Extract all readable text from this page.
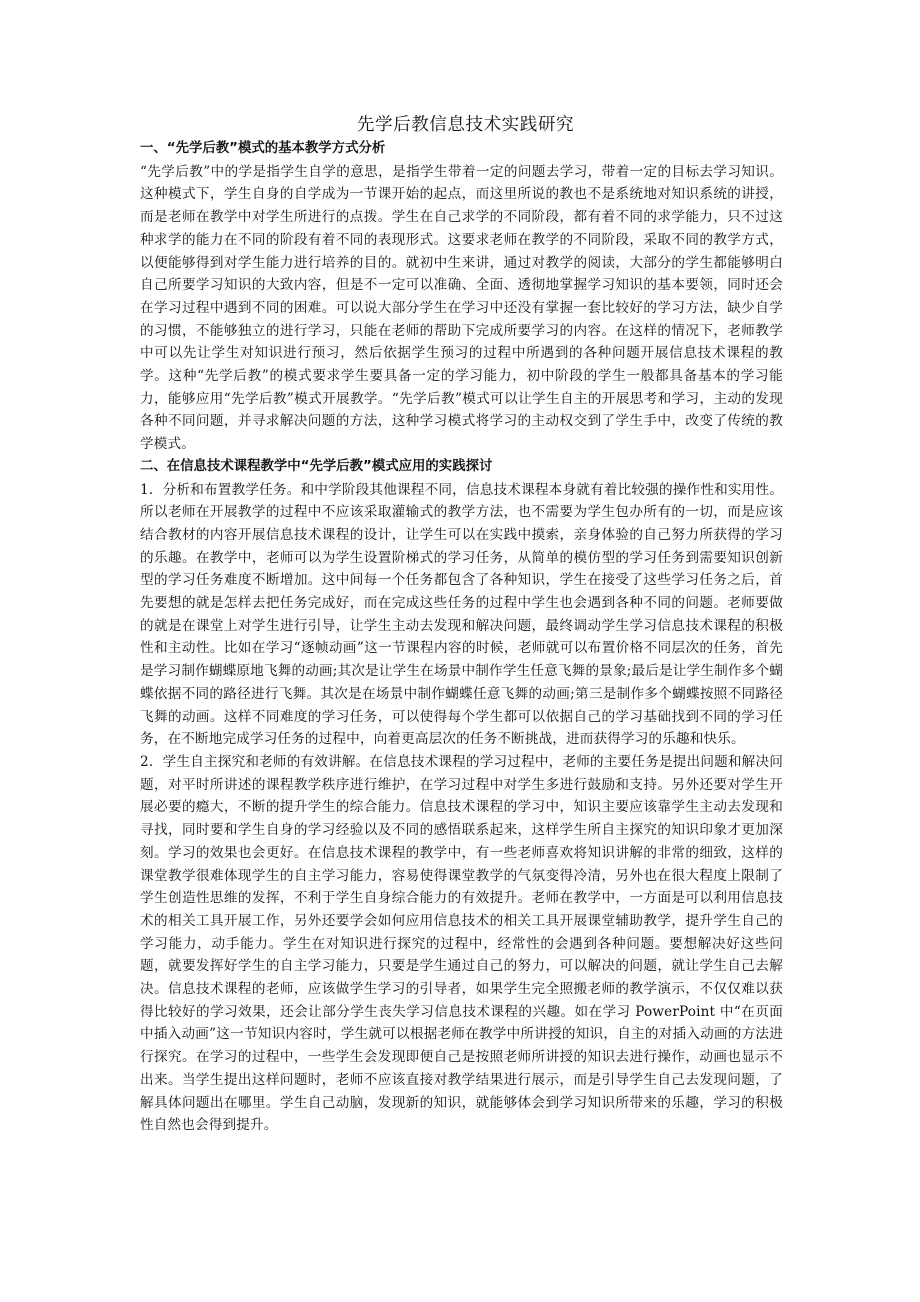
先学后教信息技术实践研究
一、“先学后教”模式的基本教学方式分析

“先学后教”中的学是指学生自学的意思，是指学生带着一定的问题去学习，带着一定的目标去学习知识。这种模式下，学生自身的自学成为一节课开始的起点，而这里所说的教也不是系统地对知识系统的讲授，而是老师在教学中对学生所进行的点拨。学生在自己求学的不同阶段，都有着不同的求学能力，只不过这种求学的能力在不同的阶段有着不同的表现形式。这要求老师在教学的不同阶段，采取不同的教学方式，以便能够得到对学生能力进行培养的目的。就初中生来讲，通过对教学的阅读，大部分的学生都能够明白自己所要学习知识的大致内容，但是不一定可以准确、全面、透彻地掌握学习知识的基本要领，同时还会在学习过程中遇到不同的困难。可以说大部分学生在学习中还没有掌握一套比较好的学习方法，缺少自学的习惯，不能够独立的进行学习，只能在老师的帮助下完成所要学习的内容。在这样的情况下，老师教学中可以先让学生对知识进行预习，然后依据学生预习的过程中所遇到的各种问题开展信息技术课程的教学。这种“先学后教”的模式要求学生要具备一定的学习能力，初中阶段的学生一般都具备基本的学习能力，能够应用“先学后教”模式开展教学。“先学后教”模式可以让学生自主的开展思考和学习，主动的发现各种不同问题，并寻求解决问题的方法，这种学习模式将学习的主动权交到了学生手中，改变了传统的教学模式。

二、在信息技术课程教学中“先学后教”模式应用的实践探讨

1．分析和布置教学任务。和中学阶段其他课程不同，信息技术课程本身就有着比较强的操作性和实用性。所以老师在开展教学的过程中不应该采取灌输式的教学方法，也不需要为学生包办所有的一切，而是应该结合教材的内容开展信息技术课程的设计，让学生可以在实践中摸索，亲身体验的自己努力所获得的学习的乐趣。在教学中，老师可以为学生设置阶梯式的学习任务，从简单的模仿型的学习任务到需要知识创新型的学习任务难度不断增加。这中间每一个任务都包含了各种知识，学生在接受了这些学习任务之后，首先要想的就是怎样去把任务完成好，而在完成这些任务的过程中学生也会遇到各种不同的问题。老师要做的就是在课堂上对学生进行引导，让学生主动去发现和解决问题，最终调动学生学习信息技术课程的积极性和主动性。比如在学习“逐帧动画”这一节课程内容的时候，老师就可以布置价格不同层次的任务，首先是学习制作蝴蝶原地飞舞的动画;其次是让学生在场景中制作学生任意飞舞的景象;最后是让学生制作多个蝴蝶依据不同的路径进行飞舞。其次是在场景中制作蝴蝶任意飞舞的动画;第三是制作多个蝴蝶按照不同路径飞舞的动画。这样不同难度的学习任务，可以使得每个学生都可以依据自己的学习基础找到不同的学习任务，在不断地完成学习任务的过程中，向着更高层次的任务不断挑战，进而获得学习的乐趣和快乐。

2．学生自主探究和老师的有效讲解。在信息技术课程的学习过程中，老师的主要任务是提出问题和解决问题，对平时所讲述的课程教学秩序进行维护，在学习过程中对学生多进行鼓励和支持。另外还要对学生开展必要的瘾大，不断的提升学生的综合能力。信息技术课程的学习中，知识主要应该靠学生主动去发现和寻找，同时要和学生自身的学习经验以及不同的感悟联系起来，这样学生所自主探究的知识印象才更加深刻。学习的效果也会更好。在信息技术课程的教学中，有一些老师喜欢将知识讲解的非常的细致，这样的课堂教学很难体现学生的自主学习能力，容易使得课堂教学的气氛变得冷清，另外也在很大程度上限制了学生创造性思维的发挥，不利于学生自身综合能力的有效提升。老师在教学中，一方面是可以利用信息技术的相关工具开展工作，另外还要学会如何应用信息技术的相关工具开展课堂辅助教学，提升学生自己的学习能力，动手能力。学生在对知识进行探究的过程中，经常性的会遇到各种问题。要想解决好这些问题，就要发挥好学生的自主学习能力，只要是学生通过自己的努力，可以解决的问题，就让学生自己去解决。信息技术课程的老师，应该做学生学习的引导者，如果学生完全照搬老师的教学演示，不仅仅难以获得比较好的学习效果，还会让部分学生丧失学习信息技术课程的兴趣。如在学习 PowerPoint 中“在页面中插入动画”这一节知识内容时，学生就可以根据老师在教学中所讲授的知识，自主的对插入动画的方法进行探究。在学习的过程中，一些学生会发现即便自己是按照老师所讲授的知识去进行操作，动画也显示不出来。当学生提出这样问题时，老师不应该直接对教学结果进行展示，而是引导学生自己去发现问题，了解具体问题出在哪里。学生自己动脑，发现新的知识，就能够体会到学习知识所带来的乐趣，学习的积极性自然也会得到提升。
